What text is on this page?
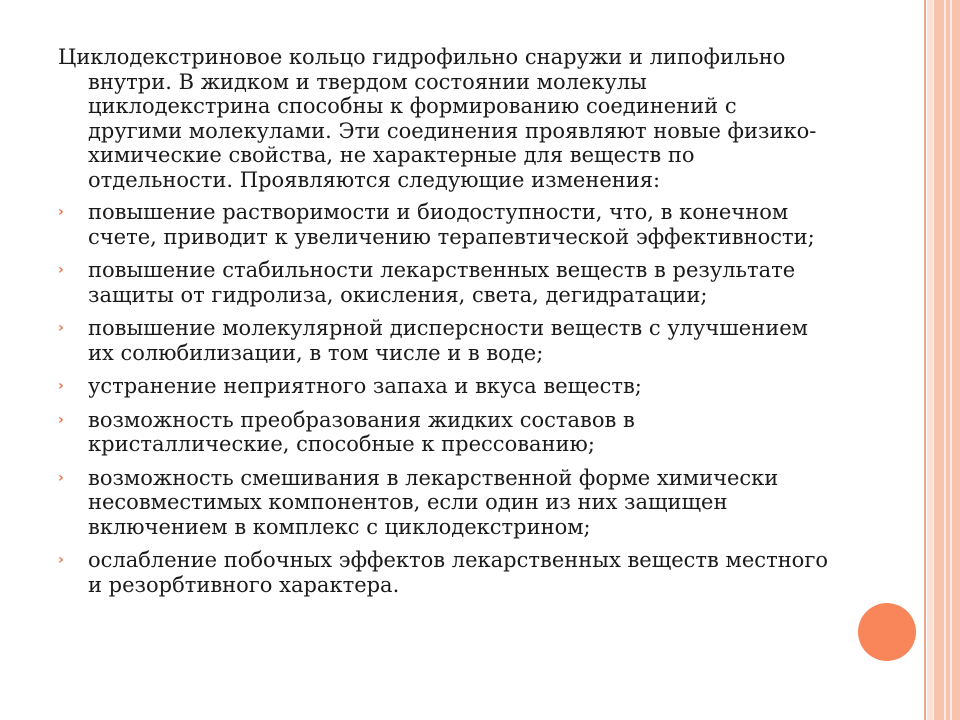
Циклодекстриновое кольцо гидрофильно снаружи и липофильно внутри. В жидком и твердом состоянии молекулы циклодекстрина способны к формированию соединений с другими молекулами. Эти соединения проявляют новые физико-химические свойства, не характерные для веществ по отдельности. Проявляются следующие изменения:

›	повышение растворимости и биодоступности, что, в конечном счете, приводит к увеличению терапевтической эффективности;
›	повышение стабильности лекарственных веществ в результате защиты от гидролиза, окисления, света, дегидратации;
›	повышение молекулярной дисперсности веществ с улучшением их солюбилизации, в том числе и в воде;
›	устранение неприятного запаха и вкуса веществ;
›	возможность преобразования жидких составов в кристаллические, способные к прессованию;
›	возможность смешивания в лекарственной форме химически несовместимых компонентов, если один из них защищен включением в комплекс с циклодекстрином;
›	ослабление побочных эффектов лекарственных веществ местного и резорбтивного характера.
